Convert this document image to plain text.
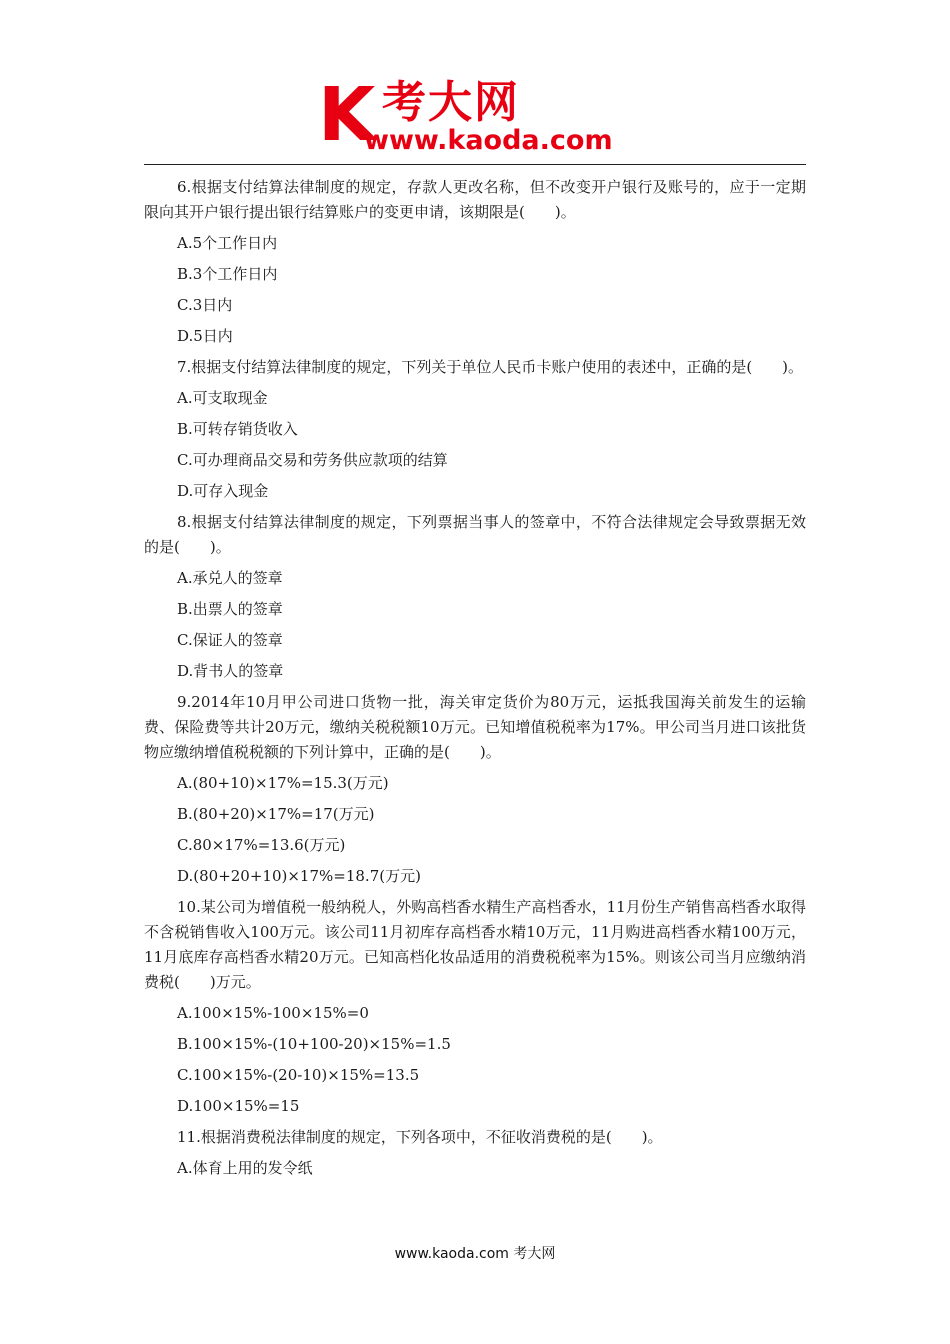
K 考大网
www.kaoda.com

6.根据支付结算法律制度的规定，存款人更改名称，但不改变开户银行及账号的，应于一定期限向其开户银行提出银行结算账户的变更申请，该期限是(　　)。

A.5个工作日内

B.3个工作日内

C.3日内

D.5日内

7.根据支付结算法律制度的规定，下列关于单位人民币卡账户使用的表述中，正确的是(　　)。

A.可支取现金

B.可转存销货收入

C.可办理商品交易和劳务供应款项的结算

D.可存入现金

8.根据支付结算法律制度的规定，下列票据当事人的签章中，不符合法律规定会导致票据无效的是(　　)。

A.承兑人的签章

B.出票人的签章

C.保证人的签章

D.背书人的签章

9.2014年10月甲公司进口货物一批，海关审定货价为80万元，运抵我国海关前发生的运输费、保险费等共计20万元，缴纳关税税额10万元。已知增值税税率为17%。甲公司当月进口该批货物应缴纳增值税税额的下列计算中，正确的是(　　)。

A.(80+10)×17%=15.3(万元)

B.(80+20)×17%=17(万元)

C.80×17%=13.6(万元)

D.(80+20+10)×17%=18.7(万元)

10.某公司为增值税一般纳税人，外购高档香水精生产高档香水，11月份生产销售高档香水取得不含税销售收入100万元。该公司11月初库存高档香水精10万元，11月购进高档香水精100万元，11月底库存高档香水精20万元。已知高档化妆品适用的消费税税率为15%。则该公司当月应缴纳消费税(　　)万元。

A.100×15%-100×15%=0

B.100×15%-(10+100-20)×15%=1.5

C.100×15%-(20-10)×15%=13.5

D.100×15%=15

11.根据消费税法律制度的规定，下列各项中，不征收消费税的是(　　)。

A.体育上用的发令纸

www.kaoda.com 考大网
